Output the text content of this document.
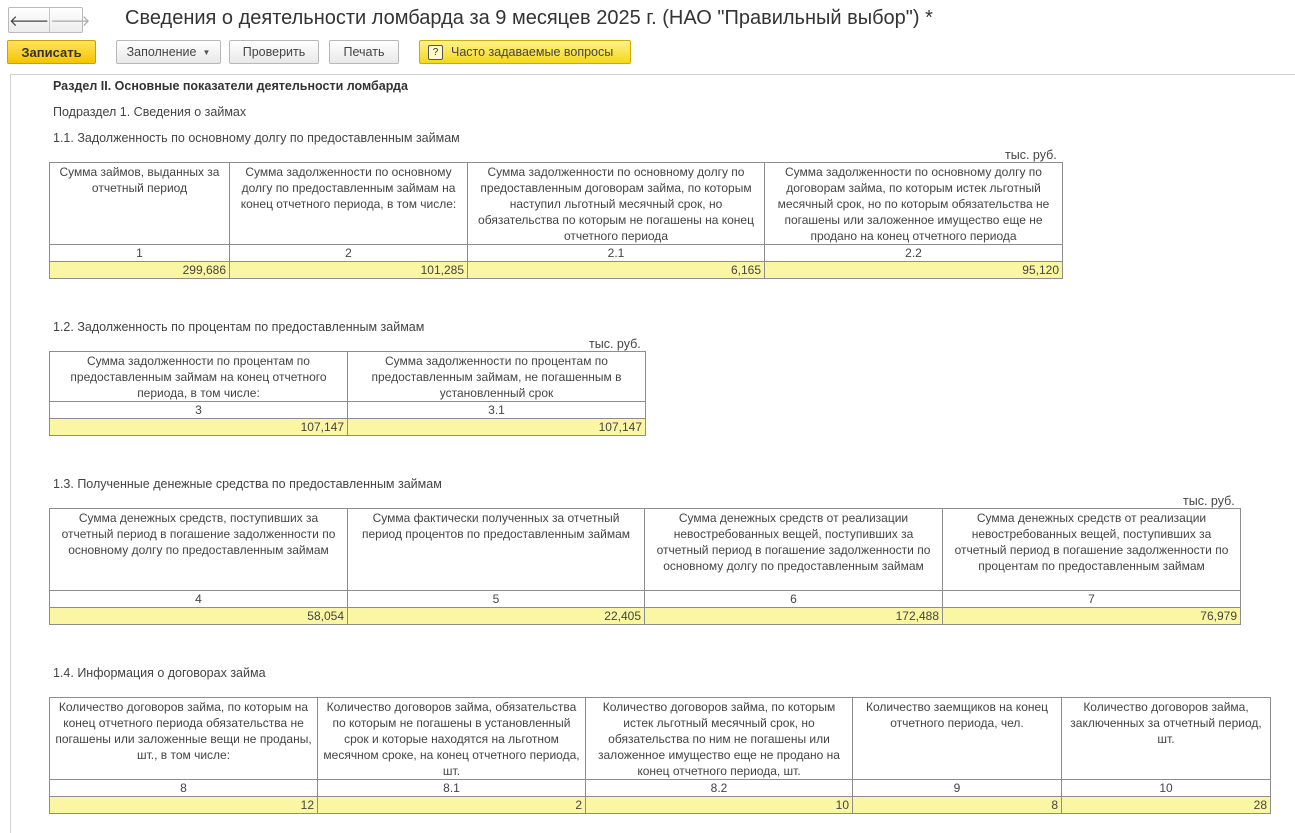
🡐 🡒 Сведения о деятельности ломбарда за 9 месяцев 2025 г. (НАО "Правильный выбор") *
Записать	Заполнение ▼	Проверить	Печать	?	Часто задаваемые вопросы
Раздел II. Основные показатели деятельности ломбарда
Подраздел 1. Сведения о займах
1.1. Задолженность по основному долгу по предоставленным займам
тыс. руб.
Сумма займов, выданных за отчетный период	Сумма задолженности по основному долгу по предоставленным займам на конец отчетного периода, в том числе:	Сумма задолженности по основному долгу по предоставленным договорам займа, по которым наступил льготный месячный срок, но обязательства по которым не погашены на конец отчетного периода	Сумма задолженности по основному долгу по договорам займа, по которым истек льготный месячный срок, но по которым обязательства не погашены или заложенное имущество еще не продано на конец отчетного периода
1	2	2.1	2.2
299,686	101,285	6,165	95,120
1.2. Задолженность по процентам по предоставленным займам
тыс. руб.
Сумма задолженности по процентам по предоставленным займам на конец отчетного периода, в том числе:	Сумма задолженности по процентам по предоставленным займам, не погашенным в установленный срок
3	3.1
107,147	107,147
1.3. Полученные денежные средства по предоставленным займам
тыс. руб.
Сумма денежных средств, поступивших за отчетный период в погашение задолженности по основному долгу по предоставленным займам	Сумма фактически полученных за отчетный период процентов по предоставленным займам	Сумма денежных средств от реализации невостребованных вещей, поступивших за отчетный период в погашение задолженности по основному долгу по предоставленным займам	Сумма денежных средств от реализации невостребованных вещей, поступивших за отчетный период в погашение задолженности по процентам по предоставленным займам
4	5	6	7
58,054	22,405	172,488	76,979
1.4. Информация о договорах займа
Количество договоров займа, по которым на конец отчетного периода обязательства не погашены или заложенные вещи не проданы, шт., в том числе:	Количество договоров займа, обязательства по которым не погашены в установленный срок и которые находятся на льготном месячном сроке, на конец отчетного периода, шт.	Количество договоров займа, по которым истек льготный месячный срок, но обязательства по ним не погашены или заложенное имущество еще не продано на конец отчетного периода, шт.	Количество заемщиков на конец отчетного периода, чел.	Количество договоров займа, заключенных за отчетный период, шт.
8	8.1	8.2	9	10
12	2	10	8	28
